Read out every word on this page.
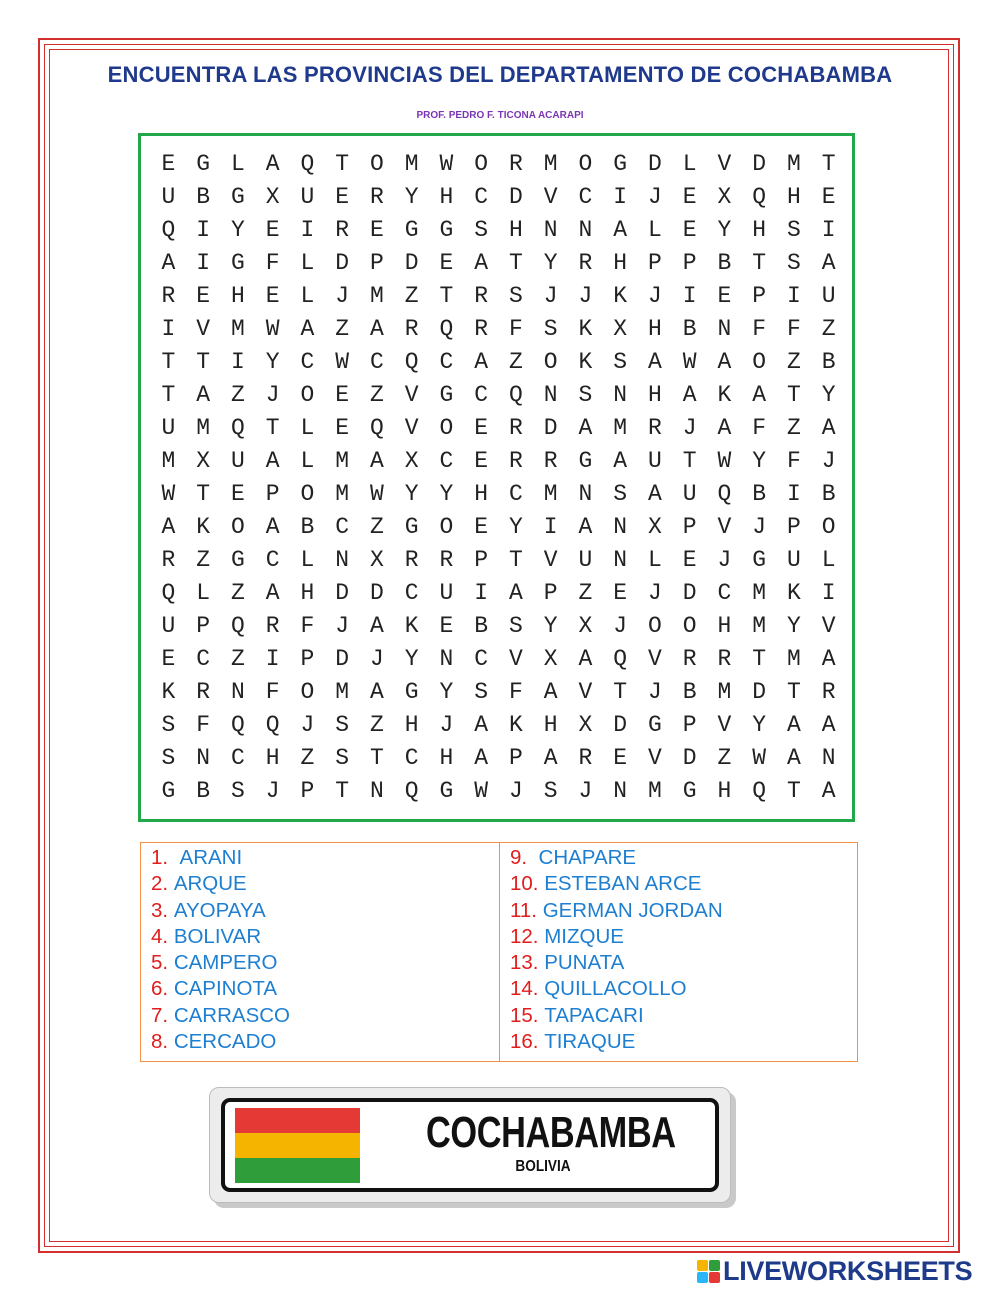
ENCUENTRA LAS PROVINCIAS DEL DEPARTAMENTO DE COCHABAMBA
PROF. PEDRO F. TICONA ACARAPI
E G L A Q T O M W O R M O G D L V D M T
U B G X U E R Y H C D V C I J E X Q H E
Q I Y E I R E G G S H N N A L E Y H S I
A I G F L D P D E A T Y R H P P B T S A
R E H E L J M Z T R S J J K J I E P I U
I V M W A Z A R Q R F S K X H B N F F Z
T T I Y C W C Q C A Z O K S A W A O Z B
T A Z J O E Z V G C Q N S N H A K A T Y
U M Q T L E Q V O E R D A M R J A F Z A
M X U A L M A X C E R R G A U T W Y F J
W T E P O M W Y Y H C M N S A U Q B I B
A K O A B C Z G O E Y I A N X P V J P O
R Z G C L N X R R P T V U N L E J G U L
Q L Z A H D D C U I A P Z E J D C M K I
U P Q R F J A K E B S Y X J O O H M Y V
E C Z I P D J Y N C V X A Q V R R T M A
K R N F O M A G Y S F A V T J B M D T R
S F Q Q J S Z H J A K H X D G P V Y A A
S N C H Z S T C H A P A R E V D Z W A N
G B S J P T N Q G W J S J N M G H Q T A
1. ARANI
2. ARQUE
3. AYOPAYA
4. BOLIVAR
5. CAMPERO
6. CAPINOTA
7. CARRASCO
8. CERCADO
9. CHAPARE
10. ESTEBAN ARCE
11. GERMAN JORDAN
12. MIZQUE
13. PUNATA
14. QUILLACOLLO
15. TAPACARI
16. TIRAQUE
COCHABAMBA
BOLIVIA
LIVEWORKSHEETS
